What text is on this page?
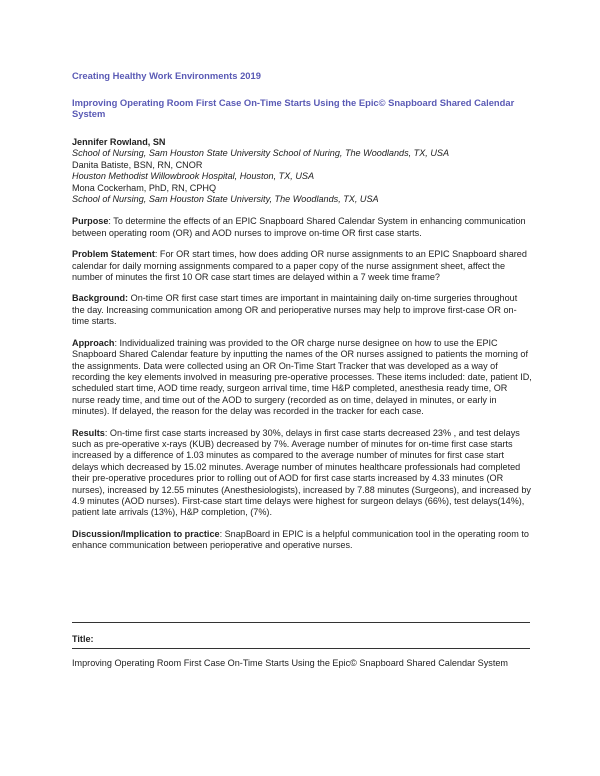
Creating Healthy Work Environments 2019
Improving Operating Room First Case On-Time Starts Using the Epic© Snapboard Shared Calendar System
Jennifer Rowland, SN
School of Nursing, Sam Houston State University School of Nuring, The Woodlands, TX, USA
Danita Batiste, BSN, RN, CNOR
Houston Methodist Willowbrook Hospital, Houston, TX, USA
Mona Cockerham, PhD, RN, CPHQ
School of Nursing, Sam Houston State University, The Woodlands, TX, USA
Purpose: To determine the effects of an EPIC Snapboard Shared Calendar System in enhancing communication between operating room (OR) and AOD nurses to improve on-time OR first case starts.
Problem Statement: For OR start times, how does adding OR nurse assignments to an EPIC Snapboard shared calendar for daily morning assignments compared to a paper copy of the nurse assignment sheet, affect the number of minutes the first 10 OR case start times are delayed within a 7 week time frame?
Background: On-time OR first case start times are important in maintaining daily on-time surgeries throughout the day. Increasing communication among OR and perioperative nurses may help to improve first-case OR on-time starts.
Approach: Individualized training was provided to the OR charge nurse designee on how to use the EPIC Snapboard Shared Calendar feature by inputting the names of the OR nurses assigned to patients the morning of the assignments. Data were collected using an OR On-Time Start Tracker that was developed as a way of recording the key elements involved in measuring pre-operative processes. These items included: date, patient ID, scheduled start time, AOD time ready, surgeon arrival time, time H&P completed, anesthesia ready time, OR nurse ready time, and time out of the AOD to surgery (recorded as on time, delayed in minutes, or early in minutes). If delayed, the reason for the delay was recorded in the tracker for each case.
Results: On-time first case starts increased by 30%, delays in first case starts decreased 23% , and test delays such as pre-operative x-rays (KUB) decreased by 7%. Average number of minutes for on-time first case starts increased by a difference of 1.03 minutes as compared to the average number of minutes for first case start delays which decreased by 15.02 minutes. Average number of minutes healthcare professionals had completed their pre-operative procedures prior to rolling out of AOD for first case starts increased by 4.33 minutes (OR nurses), increased by 12.55 minutes (Anesthesiologists), increased by 7.88 minutes (Surgeons), and increased by 4.9 minutes (AOD nurses). First-case start time delays were highest for surgeon delays (66%), test delays(14%), patient late arrivals (13%), H&P completion, (7%).
Discussion/Implication to practice: SnapBoard in EPIC is a helpful communication tool in the operating room to enhance communication between perioperative and operative nurses.
Title:
Improving Operating Room First Case On-Time Starts Using the Epic© Snapboard Shared Calendar System
